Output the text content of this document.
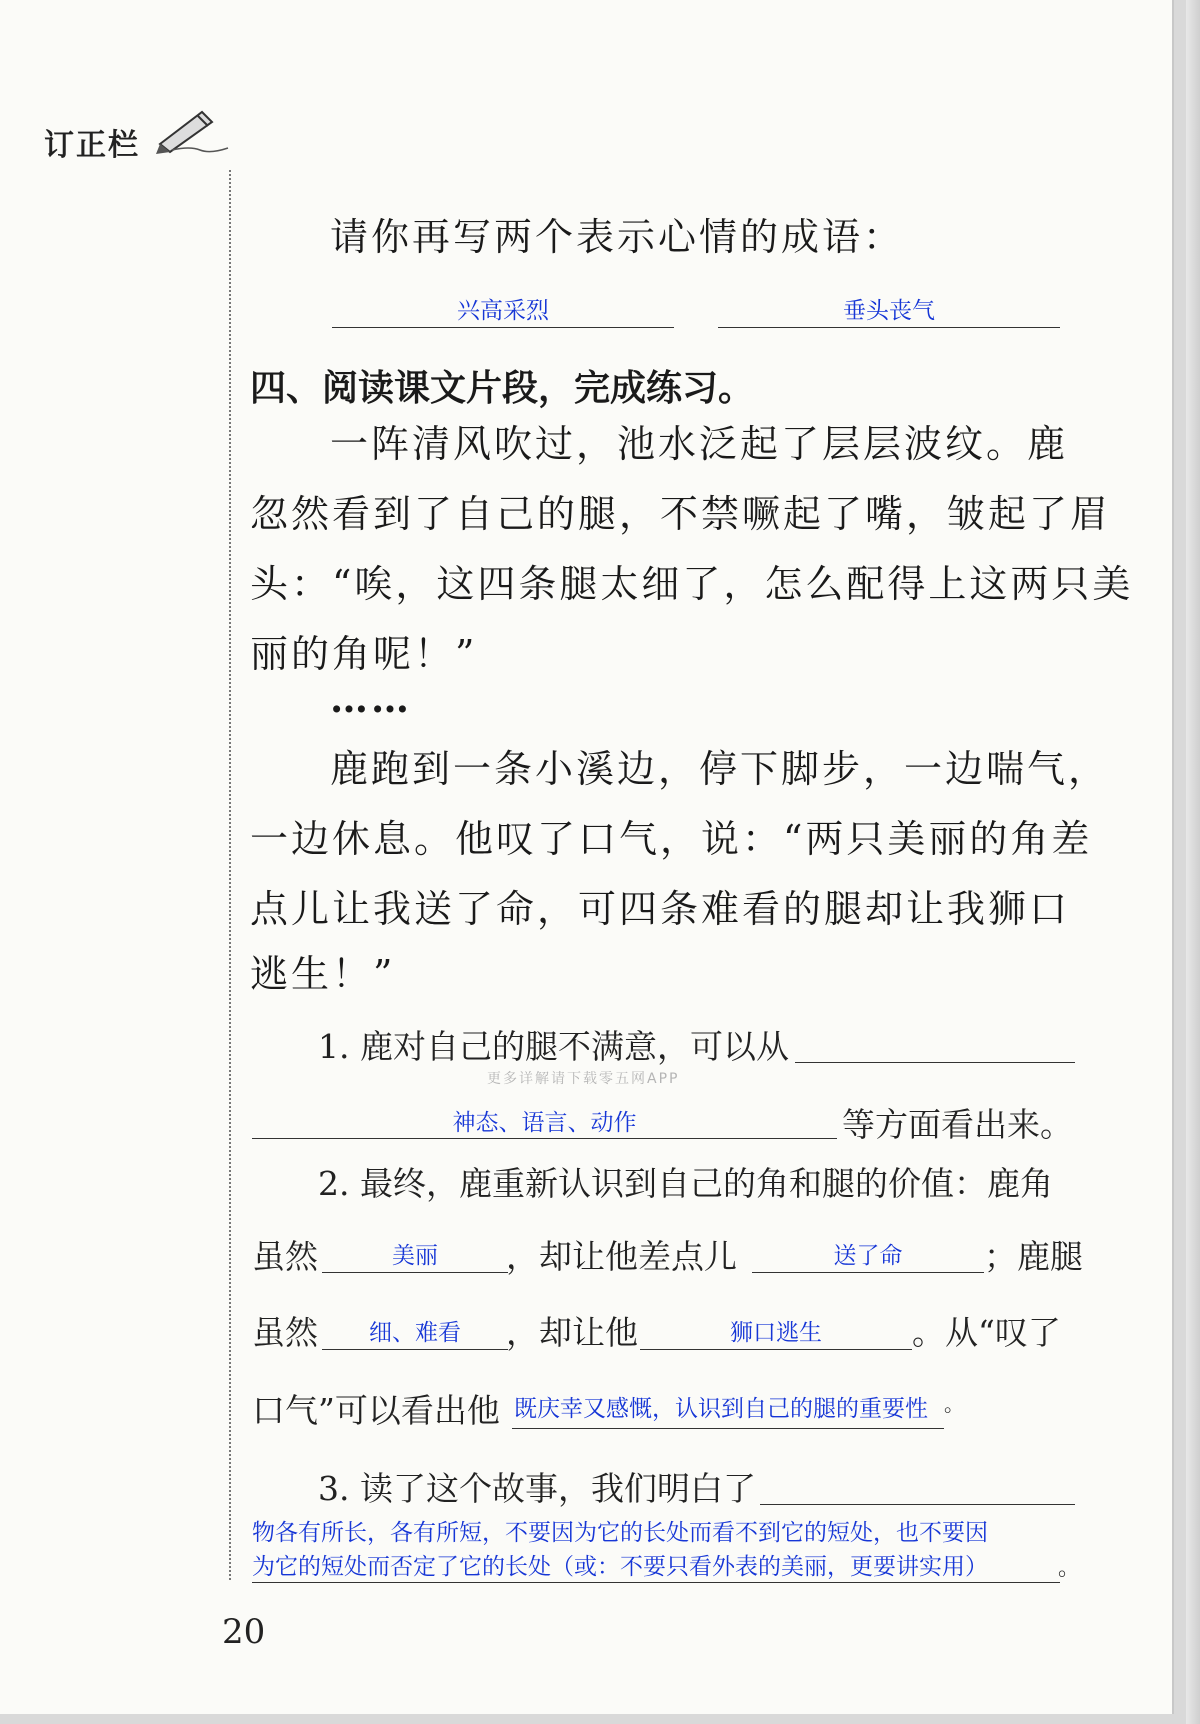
订正栏
请你再写两个表示心情的成语：
兴高采烈	垂头丧气
四、阅读课文片段，完成练习。
一阵清风吹过，池水泛起了层层波纹。鹿
忽然看到了自己的腿，不禁噘起了嘴，皱起了眉
头：“唉，这四条腿太细了，怎么配得上这两只美
丽的角呢！”
……
鹿跑到一条小溪边，停下脚步，一边喘气，
一边休息。他叹了口气，说：“两只美丽的角差
点儿让我送了命，可四条难看的腿却让我狮口
逃生！”
1. 鹿对自己的腿不满意，可以从
更多详解请下载零五网APP
神态、语言、动作	等方面看出来。
2. 最终，鹿重新认识到自己的角和腿的价值：鹿角
虽然	美丽	，却让他差点儿	送了命	；鹿腿
虽然	细、难看	，却让他	狮口逃生	。从“叹了
口气”可以看出他 既庆幸又感慨，认识到自己的腿的重要性 。
3. 读了这个故事，我们明白了
物各有所长，各有所短，不要因为它的长处而看不到它的短处，也不要因
为它的短处而否定了它的长处（或：不要只看外表的美丽，更要讲实用）	。
20
